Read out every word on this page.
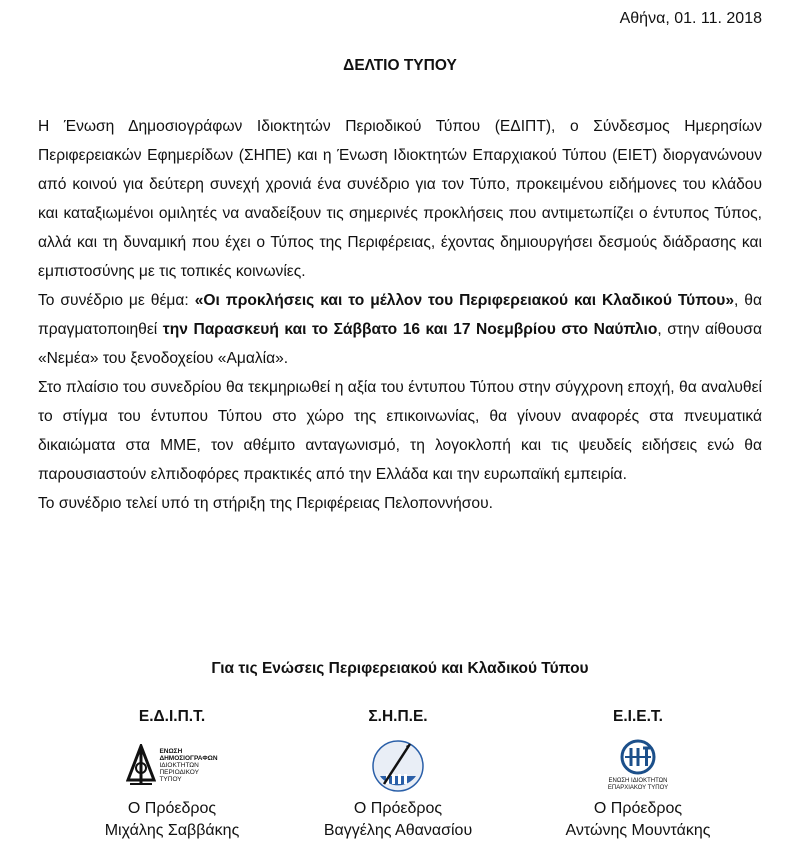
Αθήνα, 01. 11. 2018
ΔΕΛΤΙΟ ΤΥΠΟΥ

Η Ένωση Δημοσιογράφων Ιδιοκτητών Περιοδικού Τύπου (ΕΔΙΠΤ), ο Σύνδεσμος Ημερησίων Περιφερειακών Εφημερίδων (ΣΗΠΕ) και η Ένωση Ιδιοκτητών Επαρχιακού Τύπου (ΕΙΕΤ) διοργανώνουν από κοινού για δεύτερη συνεχή χρονιά ένα συνέδριο για τον Τύπο, προκειμένου ειδήμονες του κλάδου και καταξιωμένοι ομιλητές να αναδείξουν τις σημερινές προκλήσεις που αντιμετωπίζει ο έντυπος Τύπος, αλλά και τη δυναμική που έχει ο Τύπος της Περιφέρειας, έχοντας δημιουργήσει δεσμούς διάδρασης και εμπιστοσύνης με τις τοπικές κοινωνίες.

Το συνέδριο με θέμα: «Οι προκλήσεις και το μέλλον του Περιφερειακού και Κλαδικού Τύπου», θα πραγματοποιηθεί την Παρασκευή και το Σάββατο 16 και 17 Νοεμβρίου στο Ναύπλιο, στην αίθουσα «Νεμέα» του ξενοδοχείου «Αμαλία».

Στο πλαίσιο του συνεδρίου θα τεκμηριωθεί η αξία του έντυπου Τύπου στην σύγχρονη εποχή, θα αναλυθεί το στίγμα του έντυπου Τύπου στο χώρο της επικοινωνίας, θα γίνουν αναφορές στα πνευματικά δικαιώματα στα ΜΜΕ, τον αθέμιτο ανταγωνισμό, τη λογοκλοπή και τις ψευδείς ειδήσεις ενώ θα παρουσιαστούν ελπιδοφόρες πρακτικές από την Ελλάδα και την ευρωπαϊκή εμπειρία.

Το συνέδριο τελεί υπό τη στήριξη της Περιφέρειας Πελοποννήσου.

Για τις Ενώσεις Περιφερειακού και Κλαδικού Τύπου
Ε.Δ.Ι.Π.Τ.
ΕΝΩΣΗ
ΔΗΜΟΣΙΟΓΡΑΦΩΝ
ΙΔΙΟΚΤΗΤΩΝ
ΠΕΡΙΟΔΙΚΟΥ
ΤΥΠΟΥ
Ο Πρόεδρος
Μιχάλης Σαββάκης
Σ.Η.Π.Ε.
Ο Πρόεδρος
Βαγγέλης Αθανασίου
Ε.Ι.Ε.Τ.
ΕΝΩΣΗ ΙΔΙΟΚΤΗΤΩΝ
ΕΠΑΡΧΙΑΚΟΥ ΤΥΠΟΥ
Ο Πρόεδρος
Αντώνης Μουντάκης
